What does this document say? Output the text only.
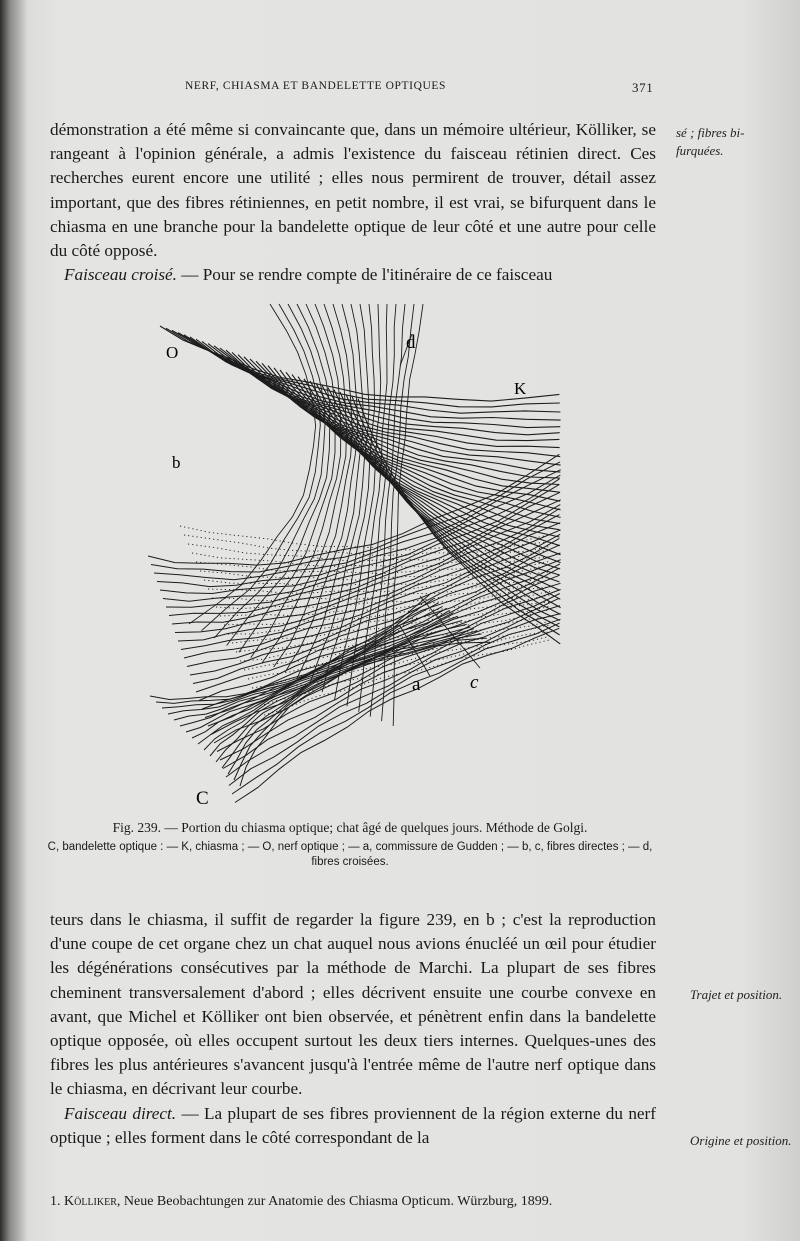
NERF, CHIASMA ET BANDELETTE OPTIQUES	371

démonstration a été même si convaincante que, dans un mémoire ultérieur, Kölliker, se rangeant à l'opinion générale, a admis l'existence du faisceau rétinien direct. Ces recherches eurent encore une utilité ; elles nous permirent de trouver, détail assez important, que des fibres rétiniennes, en petit nombre, il est vrai, se bifurquent dans le chiasma en une branche pour la bandelette optique de leur côté et une autre pour celle du côté opposé.

Faisceau croisé. — Pour se rendre compte de l'itinéraire de ce faisceau

sé ; fibres bi-furquées.
O	d
K
b
a	c
C
Fig. 239. — Portion du chiasma optique; chat âgé de quelques jours. Méthode de Golgi.
C, bandelette optique : — K, chiasma ; — O, nerf optique ; — a, commissure de Gudden ; — b, c, fibres directes ; — d, fibres croisées.

teurs dans le chiasma, il suffit de regarder la figure 239, en b ; c'est la reproduction d'une coupe de cet organe chez un chat auquel nous avions énucléé un œil pour étudier les dégénérations consécutives par la méthode de Marchi. La plupart de ses fibres cheminent transversalement d'abord ; elles décrivent ensuite une courbe convexe en avant, que Michel et Kölliker ont bien observée, et pénètrent enfin dans la bandelette optique opposée, où elles occupent surtout les deux tiers internes. Quelques-unes des fibres les plus antérieures s'avancent jusqu'à l'entrée même de l'autre nerf optique dans le chiasma, en décrivant leur courbe.

Faisceau direct. — La plupart de ses fibres proviennent de la région externe du nerf optique ; elles forment dans le côté correspondant de la

Trajet et position.
Origine et position.
1. Kölliker, Neue Beobachtungen zur Anatomie des Chiasma Opticum. Würzburg, 1899.
